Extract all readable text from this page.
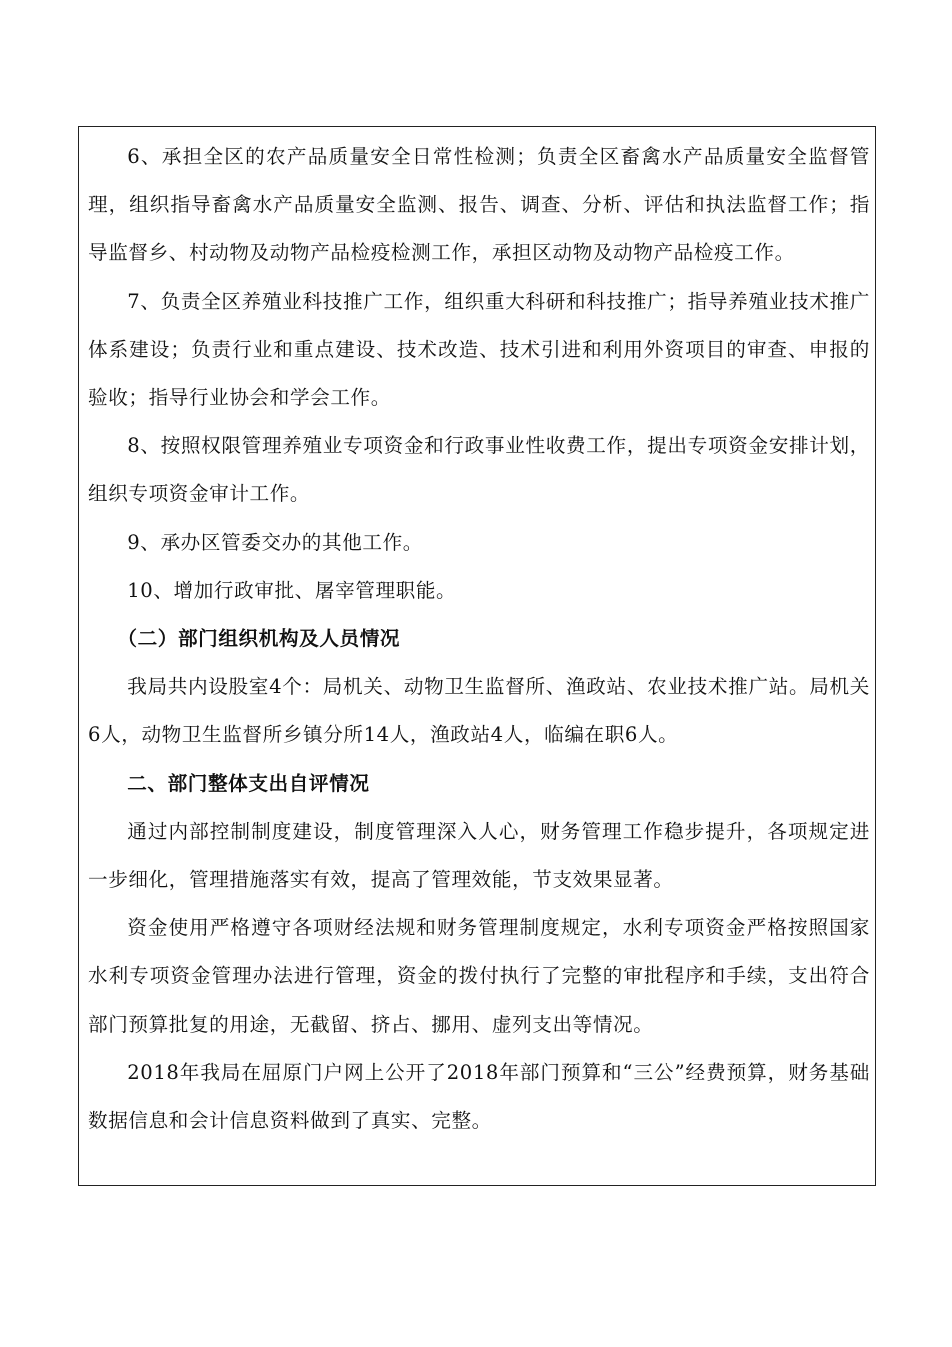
6、承担全区的农产品质量安全日常性检测；负责全区畜禽水产品质量安全监督管理，组织指导畜禽水产品质量安全监测、报告、调查、分析、评估和执法监督工作；指导监督乡、村动物及动物产品检疫检测工作，承担区动物及动物产品检疫工作。

7、负责全区养殖业科技推广工作，组织重大科研和科技推广；指导养殖业技术推广体系建设；负责行业和重点建设、技术改造、技术引进和利用外资项目的审查、申报的验收；指导行业协会和学会工作。

8、按照权限管理养殖业专项资金和行政事业性收费工作，提出专项资金安排计划，组织专项资金审计工作。

9、承办区管委交办的其他工作。

10、增加行政审批、屠宰管理职能。

（二）部门组织机构及人员情况

我局共内设股室4个：局机关、动物卫生监督所、渔政站、农业技术推广站。局机关6人，动物卫生监督所乡镇分所14人，渔政站4人，临编在职6人。

二、部门整体支出自评情况

通过内部控制制度建设，制度管理深入人心，财务管理工作稳步提升，各项规定进一步细化，管理措施落实有效，提高了管理效能，节支效果显著。

资金使用严格遵守各项财经法规和财务管理制度规定，水利专项资金严格按照国家水利专项资金管理办法进行管理，资金的拨付执行了完整的审批程序和手续，支出符合部门预算批复的用途，无截留、挤占、挪用、虚列支出等情况。

2018年我局在屈原门户网上公开了2018年部门预算和“三公”经费预算，财务基础数据信息和会计信息资料做到了真实、完整。
